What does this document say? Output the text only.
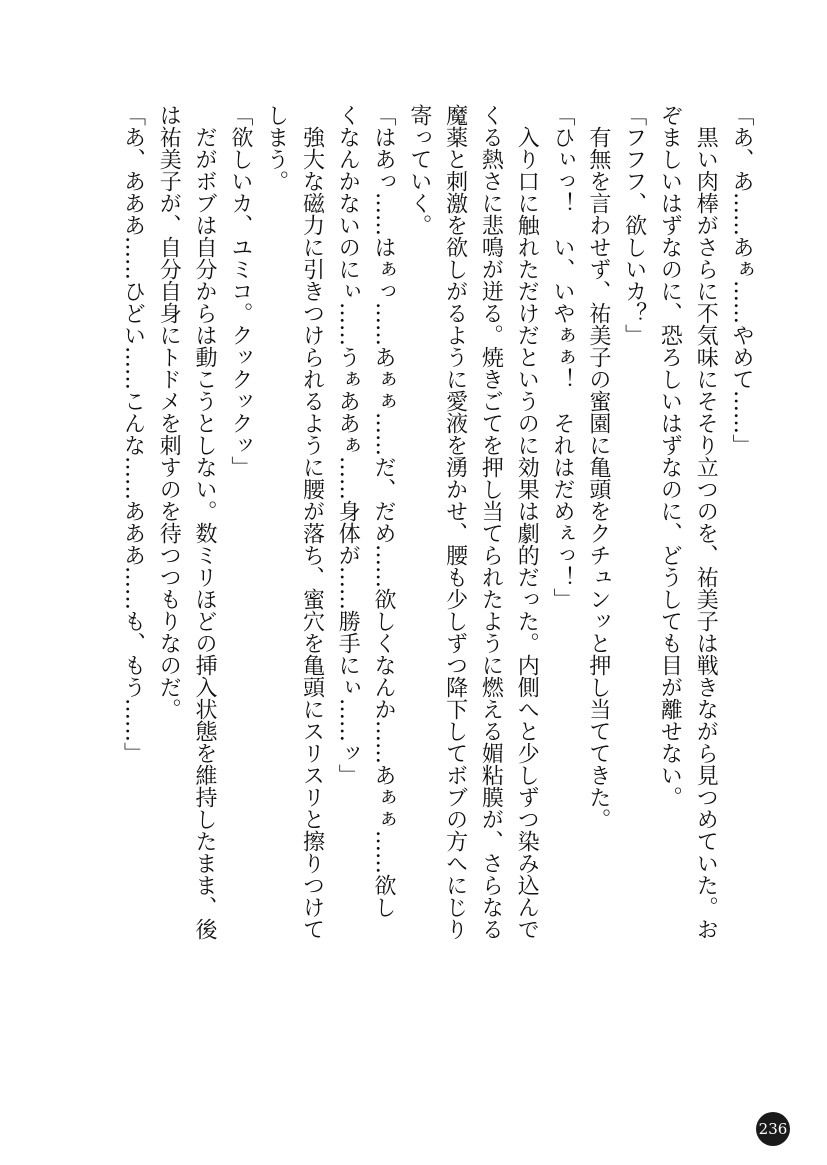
「あ、あ……あぁ……やめて……」
　黒い肉棒がさらに不気味にそそり立つのを、祐美子は戦きながら見つめていた。お
ぞましいはずなのに、恐ろしいはずなのに、どうしても目が離せない。
「フフフ、欲しいカ？」
　有無を言わせず、祐美子の蜜園に亀頭をクチュンッと押し当ててきた。
「ひぃっ！　い、いやぁぁ！　それはだめぇっ！」
　入り口に触れただけだというのに効果は劇的だった。内側へと少しずつ染み込んで
くる熱さに悲鳴が迸る。焼きごてを押し当てられたように燃える媚粘膜が、さらなる
魔薬と刺激を欲しがるように愛液を湧かせ、腰も少しずつ降下してボブの方へにじり
寄っていく。
「はあっ……はぁっ……あぁぁ……だ、だめ……欲しくなんか……あぁぁ……欲し
くなんかないのにぃ……うぁああぁ……身体が……勝手にぃ……ッ」
　強大な磁力に引きつけられるように腰が落ち、蜜穴を亀頭にスリスリと擦りつけて
しまう。
「欲しいカ、ユミコ。クックックッ」
　だがボブは自分からは動こうとしない。数ミリほどの挿入状態を維持したまま、後
は祐美子が、自分自身にトドメを刺すのを待つつもりなのだ。
「あ、あああ……ひどい……こんな……あああ……も、もう……」
236
